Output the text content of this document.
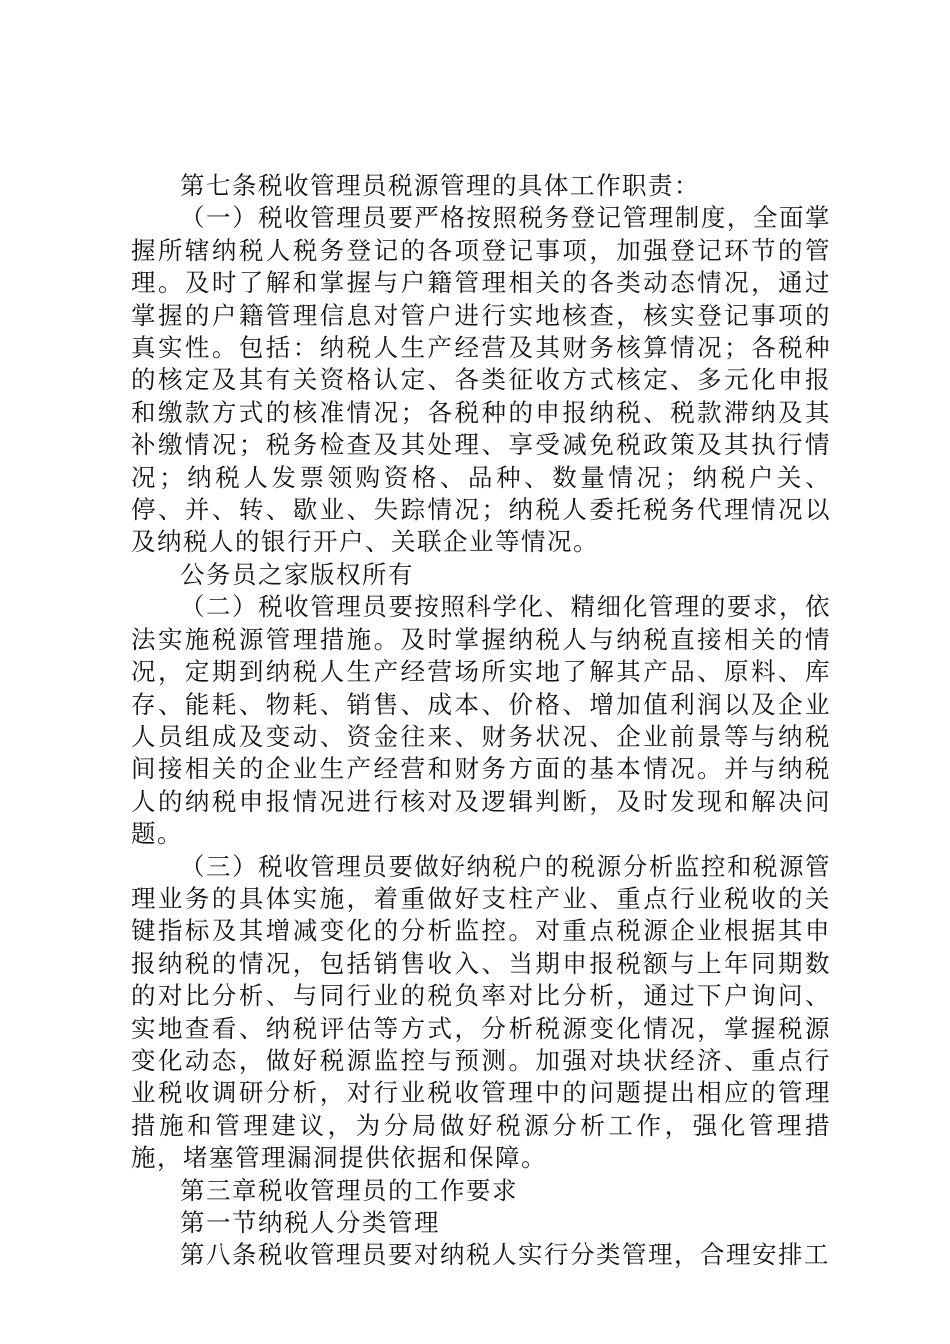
第七条税收管理员税源管理的具体工作职责：

（一）税收管理员要严格按照税务登记管理制度，全面掌握所辖纳税人税务登记的各项登记事项，加强登记环节的管理。及时了解和掌握与户籍管理相关的各类动态情况，通过掌握的户籍管理信息对管户进行实地核查，核实登记事项的真实性。包括：纳税人生产经营及其财务核算情况；各税种的核定及其有关资格认定、各类征收方式核定、多元化申报和缴款方式的核准情况；各税种的申报纳税、税款滞纳及其补缴情况；税务检查及其处理、享受减免税政策及其执行情况；纳税人发票领购资格、品种、数量情况；纳税户关、停、并、转、歇业、失踪情况；纳税人委托税务代理情况以及纳税人的银行开户、关联企业等情况。

公务员之家版权所有

（二）税收管理员要按照科学化、精细化管理的要求，依法实施税源管理措施。及时掌握纳税人与纳税直接相关的情况，定期到纳税人生产经营场所实地了解其产品、原料、库存、能耗、物耗、销售、成本、价格、增加值利润以及企业人员组成及变动、资金往来、财务状况、企业前景等与纳税间接相关的企业生产经营和财务方面的基本情况。并与纳税人的纳税申报情况进行核对及逻辑判断，及时发现和解决问题。

（三）税收管理员要做好纳税户的税源分析监控和税源管理业务的具体实施，着重做好支柱产业、重点行业税收的关键指标及其增减变化的分析监控。对重点税源企业根据其申报纳税的情况，包括销售收入、当期申报税额与上年同期数的对比分析、与同行业的税负率对比分析，通过下户询问、实地查看、纳税评估等方式，分析税源变化情况，掌握税源变化动态，做好税源监控与预测。加强对块状经济、重点行业税收调研分析，对行业税收管理中的问题提出相应的管理措施和管理建议，为分局做好税源分析工作，强化管理措施，堵塞管理漏洞提供依据和保障。

第三章税收管理员的工作要求

第一节纳税人分类管理

第八条税收管理员要对纳税人实行分类管理，合理安排工
